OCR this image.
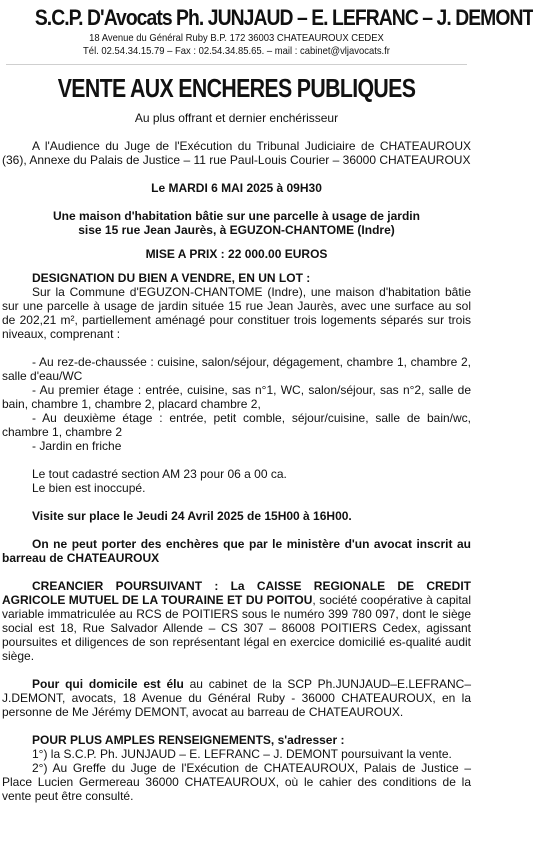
S.C.P. D'Avocats Ph. JUNJAUD – E. LEFRANC – J. DEMONT
18 Avenue du Général Ruby B.P. 172 36003 CHATEAUROUX CEDEX
Tél. 02.54.34.15.79 – Fax : 02.54.34.85.65. – mail : cabinet@vljavocats.fr
VENTE AUX ENCHERES PUBLIQUES
Au plus offrant et dernier enchérisseur

A l'Audience du Juge de l'Exécution du Tribunal Judiciaire de CHATEAUROUX (36), Annexe du Palais de Justice – 11 rue Paul-Louis Courier – 36000 CHATEAUROUX

Le MARDI 6 MAI 2025 à 09H30

Une maison d'habitation bâtie sur une parcelle à usage de jardin

sise 15 rue Jean Jaurès, à EGUZON-CHANTOME (Indre)

MISE A PRIX : 22 000.00 EUROS

DESIGNATION DU BIEN A VENDRE, EN UN LOT :

Sur la Commune d'EGUZON-CHANTOME (Indre), une maison d'habitation bâtie sur une parcelle à usage de jardin située 15 rue Jean Jaurès, avec une surface au sol de 202,21 m², partiellement aménagé pour constituer trois logements séparés sur trois niveaux, comprenant :

- Au rez-de-chaussée : cuisine, salon/séjour, dégagement, chambre 1, chambre 2, salle d'eau/WC

- Au premier étage : entrée, cuisine, sas n°1, WC, salon/séjour, sas n°2, salle de bain, chambre 1, chambre 2, placard chambre 2,

- Au deuxième étage : entrée, petit comble, séjour/cuisine, salle de bain/wc, chambre 1, chambre 2

- Jardin en friche

Le tout cadastré section AM 23 pour 06 a 00 ca.

Le bien est inoccupé.

Visite sur place le Jeudi 24 Avril 2025 de 15H00 à 16H00.

On ne peut porter des enchères que par le ministère d'un avocat inscrit au barreau de CHATEAUROUX

CREANCIER POURSUIVANT : La CAISSE REGIONALE DE CREDIT AGRICOLE MUTUEL DE LA TOURAINE ET DU POITOU, société coopérative à capital variable immatriculée au RCS de POITIERS sous le numéro 399 780 097, dont le siège social est 18, Rue Salvador Allende – CS 307 – 86008 POITIERS Cedex, agissant poursuites et diligences de son représentant légal en exercice domicilié es-qualité audit siège.

Pour qui domicile est élu au cabinet de la SCP Ph.JUNJAUD–E.LEFRANC–J.DEMONT, avocats, 18 Avenue du Général Ruby - 36000 CHATEAUROUX, en la personne de Me Jérémy DEMONT, avocat au barreau de CHATEAUROUX.

POUR PLUS AMPLES RENSEIGNEMENTS, s'adresser :

1°) la S.C.P. Ph. JUNJAUD – E. LEFRANC – J. DEMONT poursuivant la vente.

2°) Au Greffe du Juge de l'Exécution de CHATEAUROUX, Palais de Justice – Place Lucien Germereau 36000 CHATEAUROUX, où le cahier des conditions de la vente peut être consulté.
